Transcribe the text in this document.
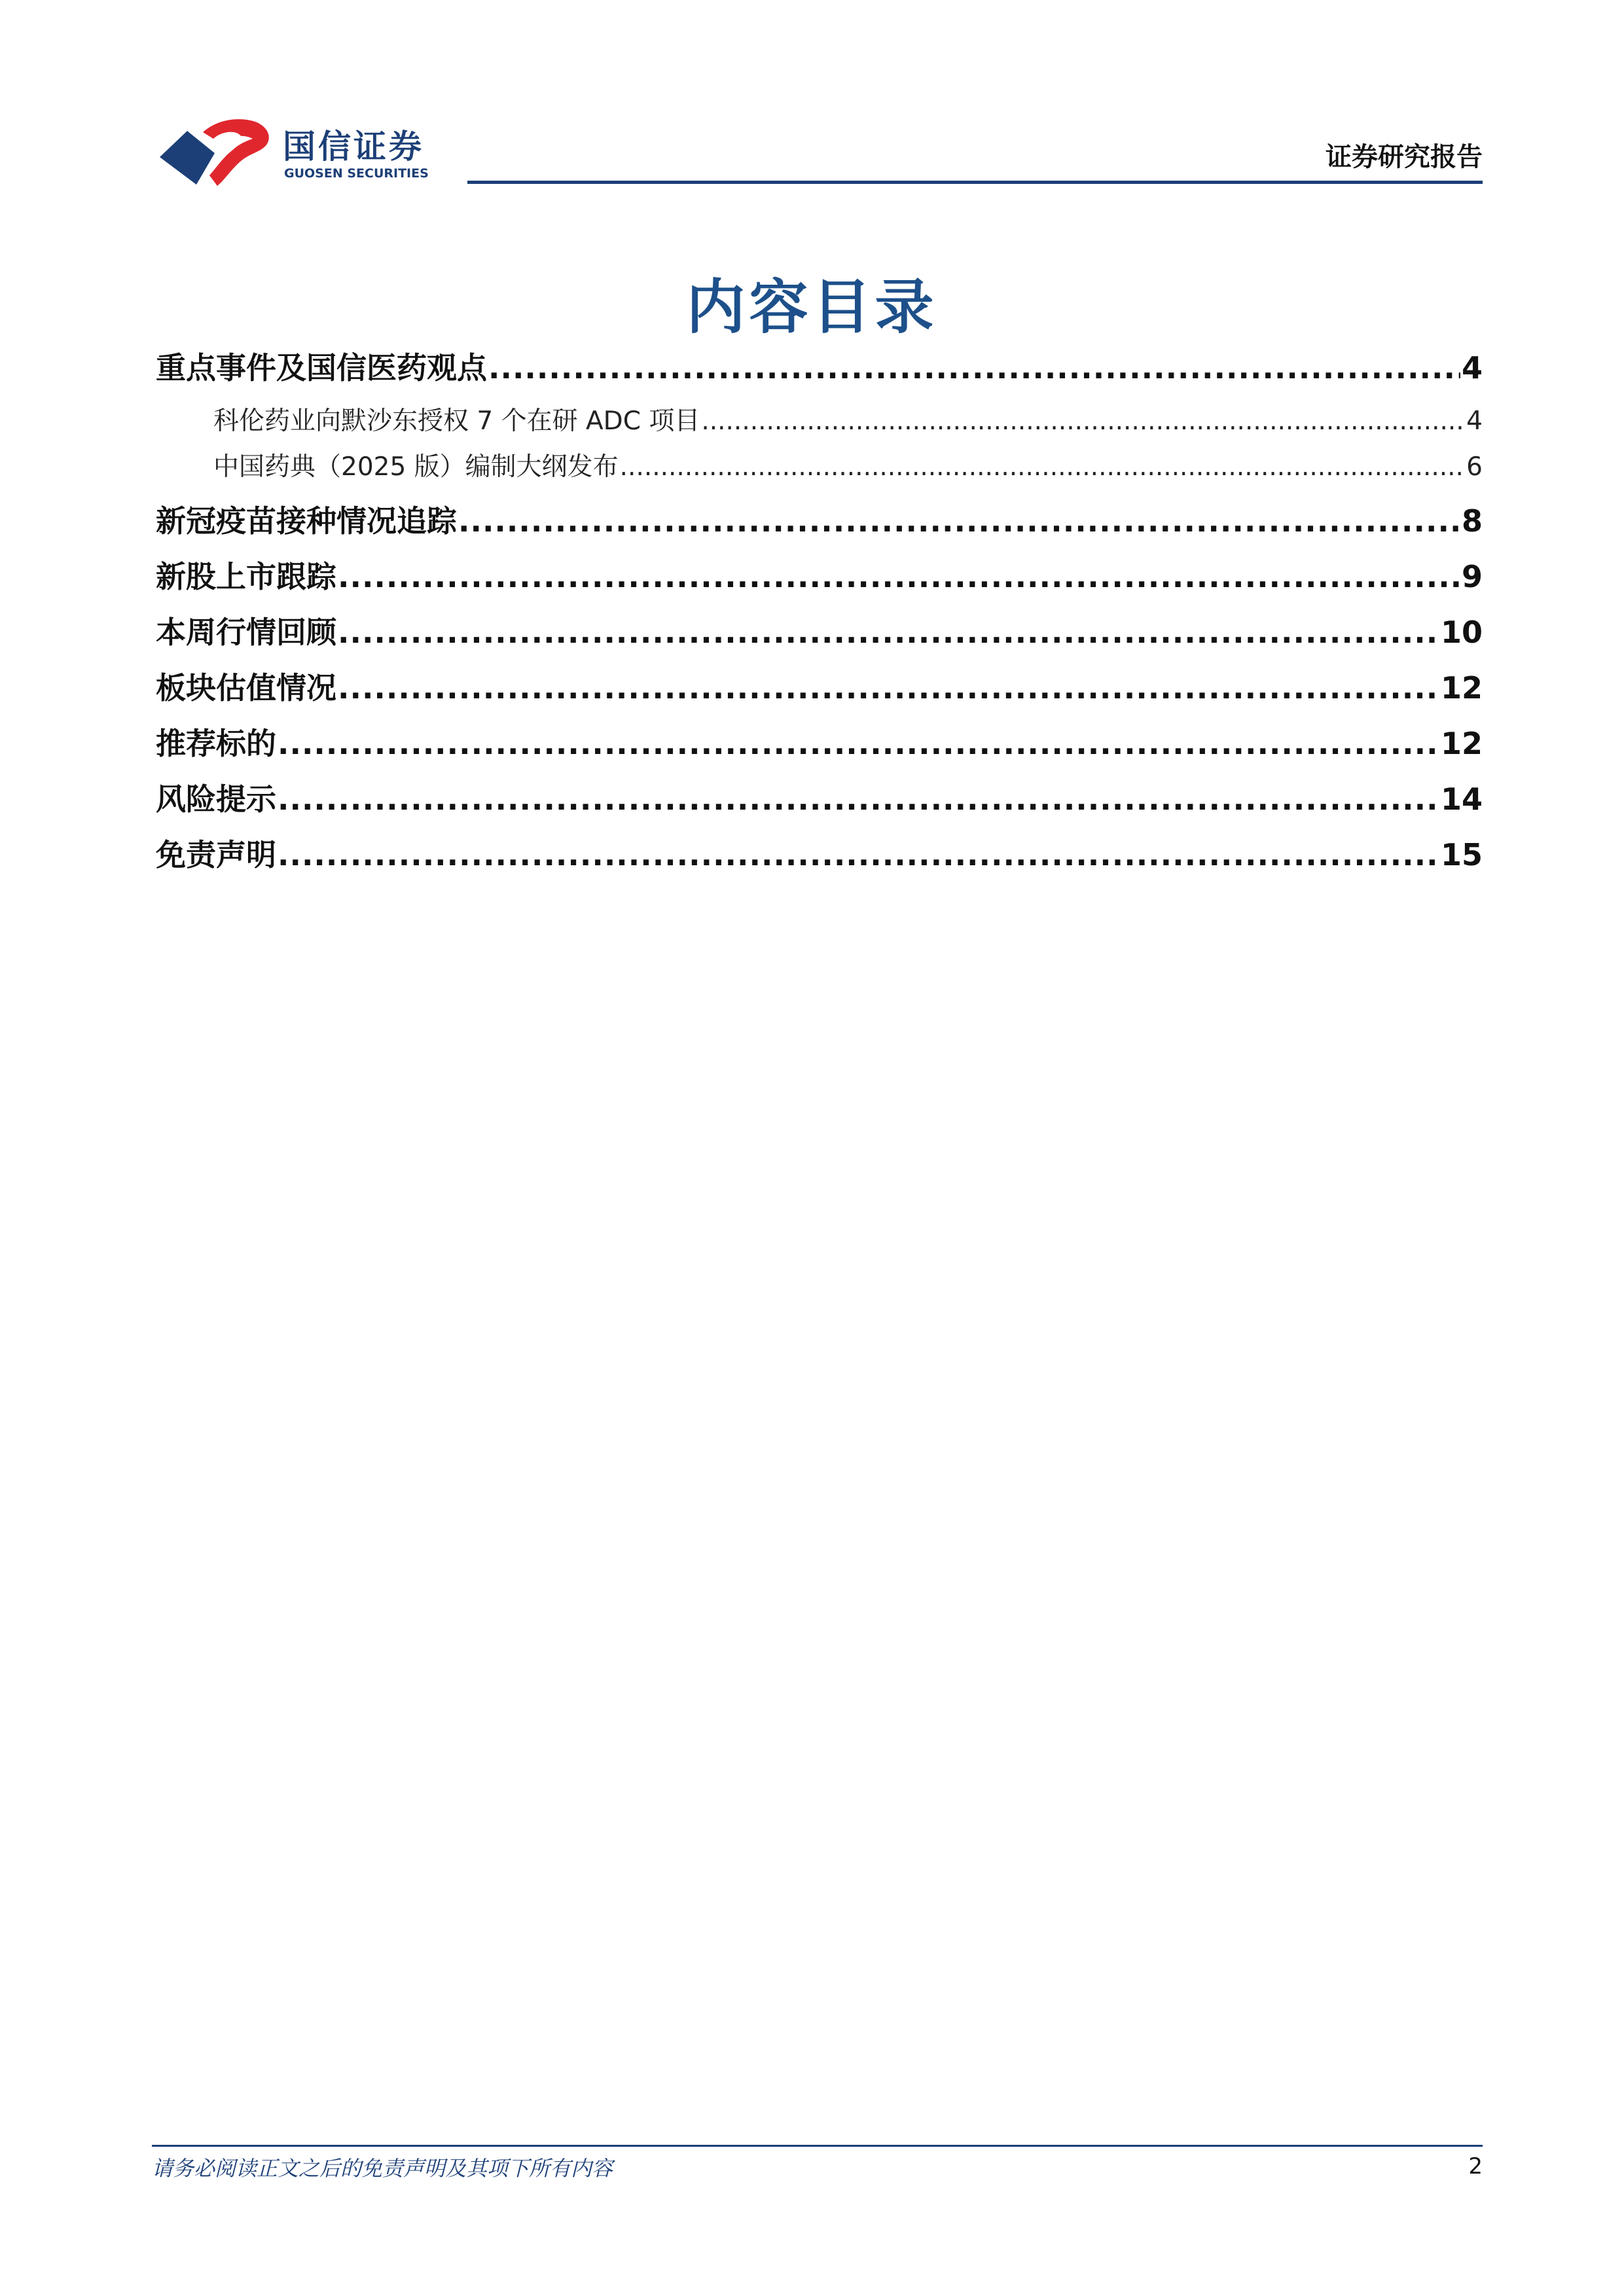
国信证券
GUOSEN SECURITIES
证券研究报告
内容目录
重点事件及国信医药观点 .....	4
科伦药业向默沙东授权 7 个在研 ADC 项目 .....	4
中国药典（2025 版）编制大纲发布 .....	6
新冠疫苗接种情况追踪 .....	8
新股上市跟踪 .....	9
本周行情回顾 .....	10
板块估值情况 .....	12
推荐标的 .....	12
风险提示 .....	14
免责声明 .....	15
请务必阅读正文之后的免责声明及其项下所有内容	2
